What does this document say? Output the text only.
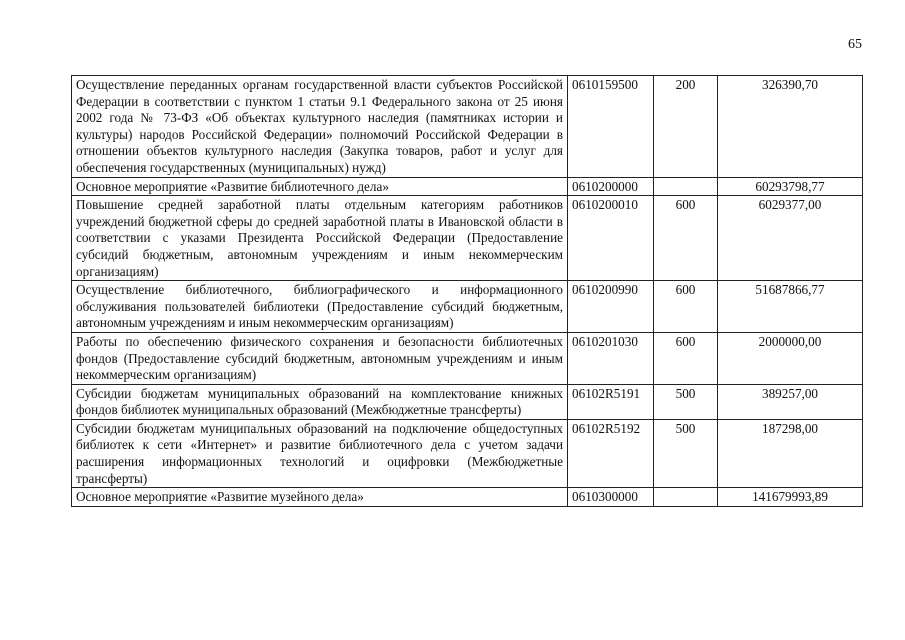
65
Осуществление переданных органам государственной власти субъектов Российской Федерации в соответствии с пунктом 1 статьи 9.1 Федерального закона от 25 июня 2002 года № 73-ФЗ «Об объектах культурного наследия (памятниках истории и культуры) народов Российской Федерации» полномочий Российской Федерации в отношении объектов культурного наследия (Закупка товаров, работ и услуг для обеспечения государственных (муниципальных) нужд)	0610159500	200	326390,70
Основное мероприятие «Развитие библиотечного дела»	0610200000		60293798,77
Повышение средней заработной платы отдельным категориям работников учреждений бюджетной сферы до средней заработной платы в Ивановской области в соответствии с указами Президента Российской Федерации (Предоставление субсидий бюджетным, автономным учреждениям и иным некоммерческим организациям)	0610200010	600	6029377,00
Осуществление библиотечного, библиографического и информационного обслуживания пользователей библиотеки (Предоставление субсидий бюджетным, автономным учреждениям и иным некоммерческим организациям)	0610200990	600	51687866,77
Работы по обеспечению физического сохранения и безопасности библиотечных фондов (Предоставление субсидий бюджетным, автономным учреждениям и иным некоммерческим организациям)	0610201030	600	2000000,00
Субсидии бюджетам муниципальных образований на комплектование книжных фондов библиотек муниципальных образований (Межбюджетные трансферты)	06102R5191	500	389257,00
Субсидии бюджетам муниципальных образований на подключение общедоступных библиотек к сети «Интернет» и развитие библиотечного дела с учетом задачи расширения информационных технологий и оцифровки (Межбюджетные трансферты)	06102R5192	500	187298,00
Основное мероприятие «Развитие музейного дела»	0610300000		141679993,89
